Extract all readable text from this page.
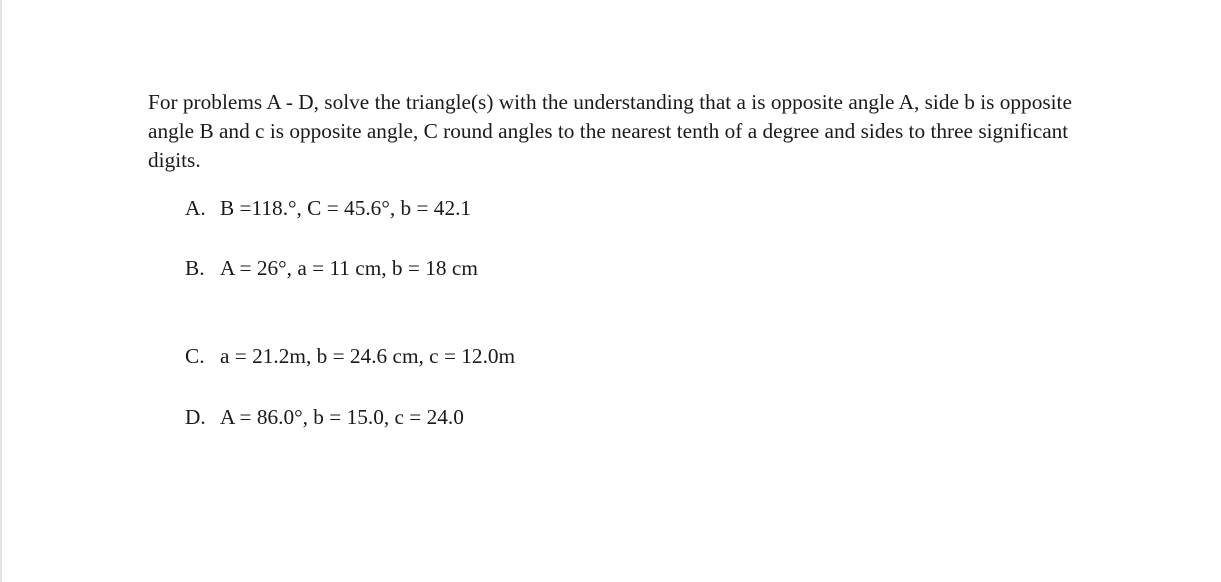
For problems A - D, solve the triangle(s) with the understanding that a is opposite angle A, side b is opposite angle B and c is opposite angle, C round angles to the nearest tenth of a degree and sides to three significant digits.

A. B =118.°, C = 45.6°, b = 42.1
B. A = 26°, a = 11 cm, b = 18 cm
C. a = 21.2m, b = 24.6 cm, c = 12.0m
D. A = 86.0°, b = 15.0, c = 24.0
